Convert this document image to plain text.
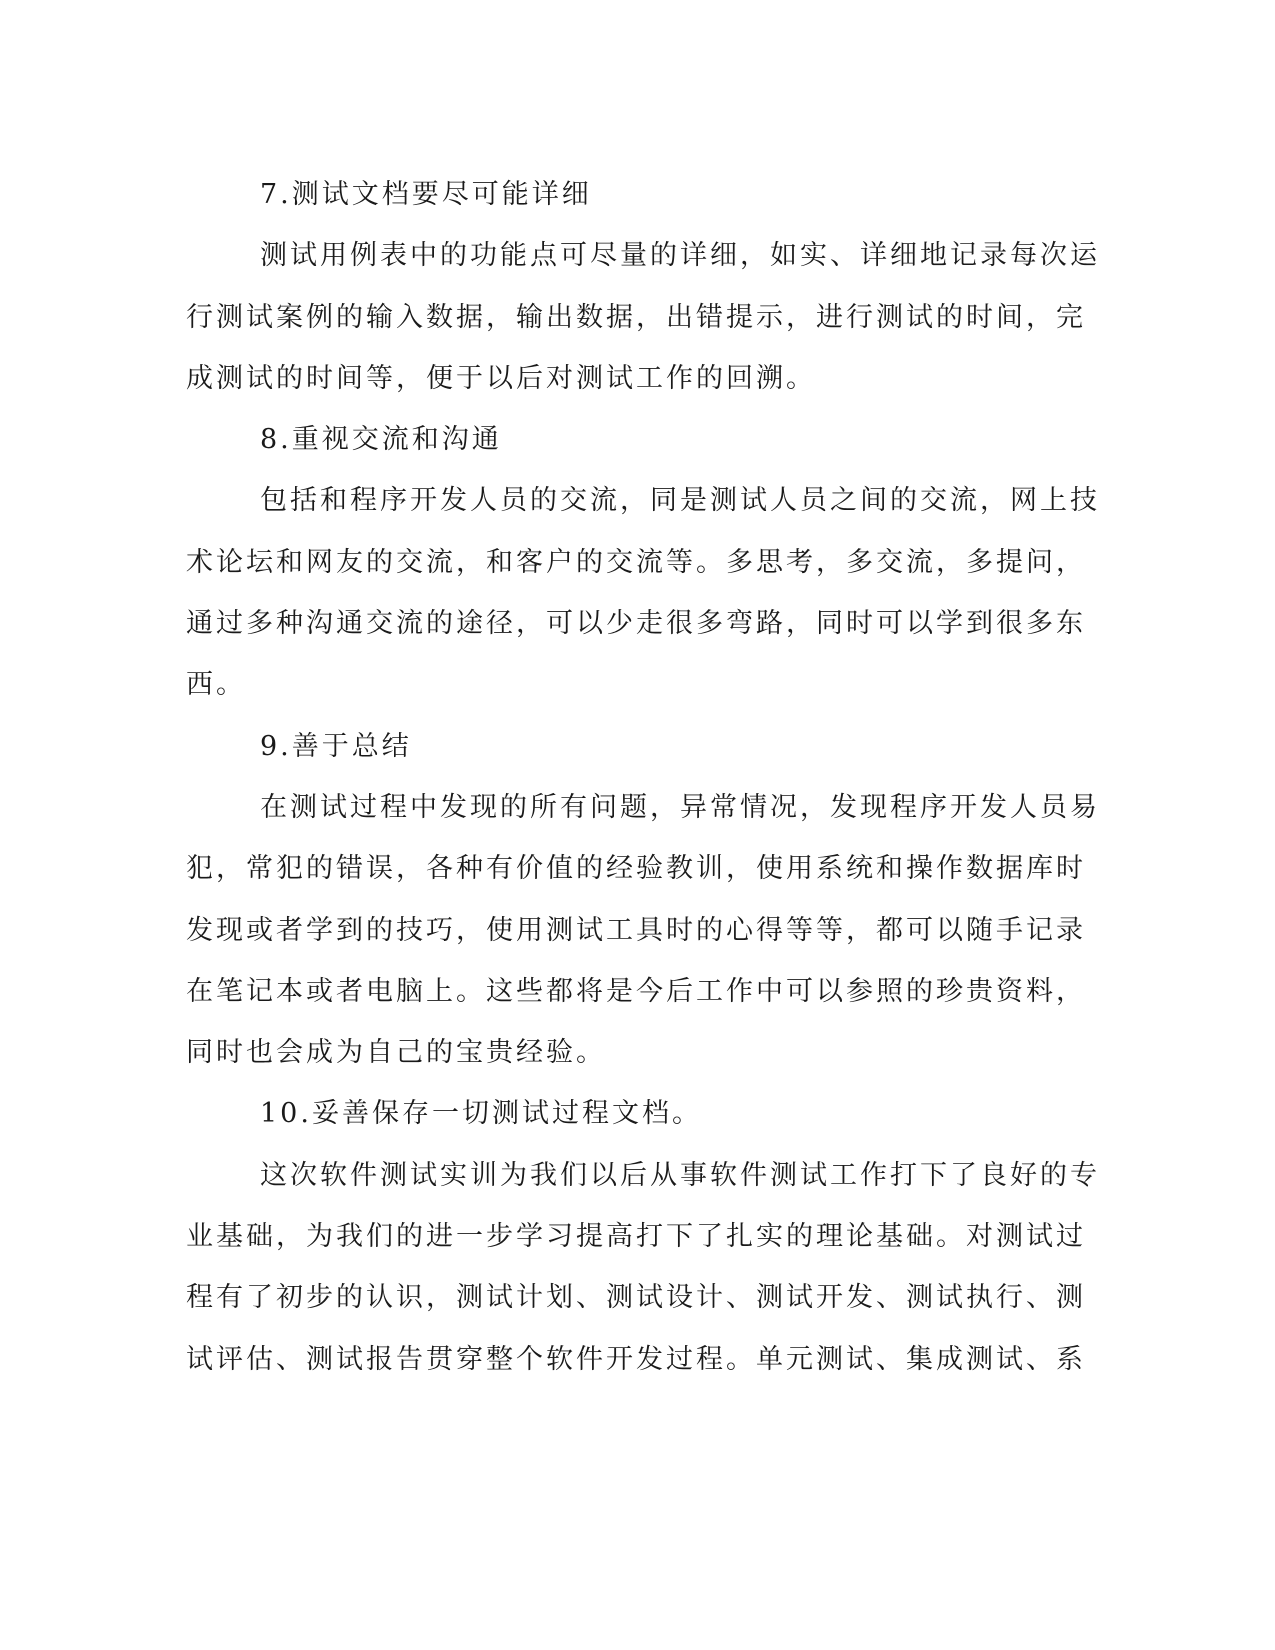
7.测试文档要尽可能详细
测试用例表中的功能点可尽量的详细，如实、详细地记录每次运
行测试案例的输入数据，输出数据，出错提示，进行测试的时间，完
成测试的时间等，便于以后对测试工作的回溯。
8.重视交流和沟通
包括和程序开发人员的交流，同是测试人员之间的交流，网上技
术论坛和网友的交流，和客户的交流等。多思考，多交流，多提问，
通过多种沟通交流的途径，可以少走很多弯路，同时可以学到很多东
西。
9.善于总结
在测试过程中发现的所有问题，异常情况，发现程序开发人员易
犯，常犯的错误，各种有价值的经验教训，使用系统和操作数据库时
发现或者学到的技巧，使用测试工具时的心得等等，都可以随手记录
在笔记本或者电脑上。这些都将是今后工作中可以参照的珍贵资料，
同时也会成为自己的宝贵经验。
10.妥善保存一切测试过程文档。
这次软件测试实训为我们以后从事软件测试工作打下了良好的专
业基础，为我们的进一步学习提高打下了扎实的理论基础。对测试过
程有了初步的认识，测试计划、测试设计、测试开发、测试执行、测
试评估、测试报告贯穿整个软件开发过程。单元测试、集成测试、系
